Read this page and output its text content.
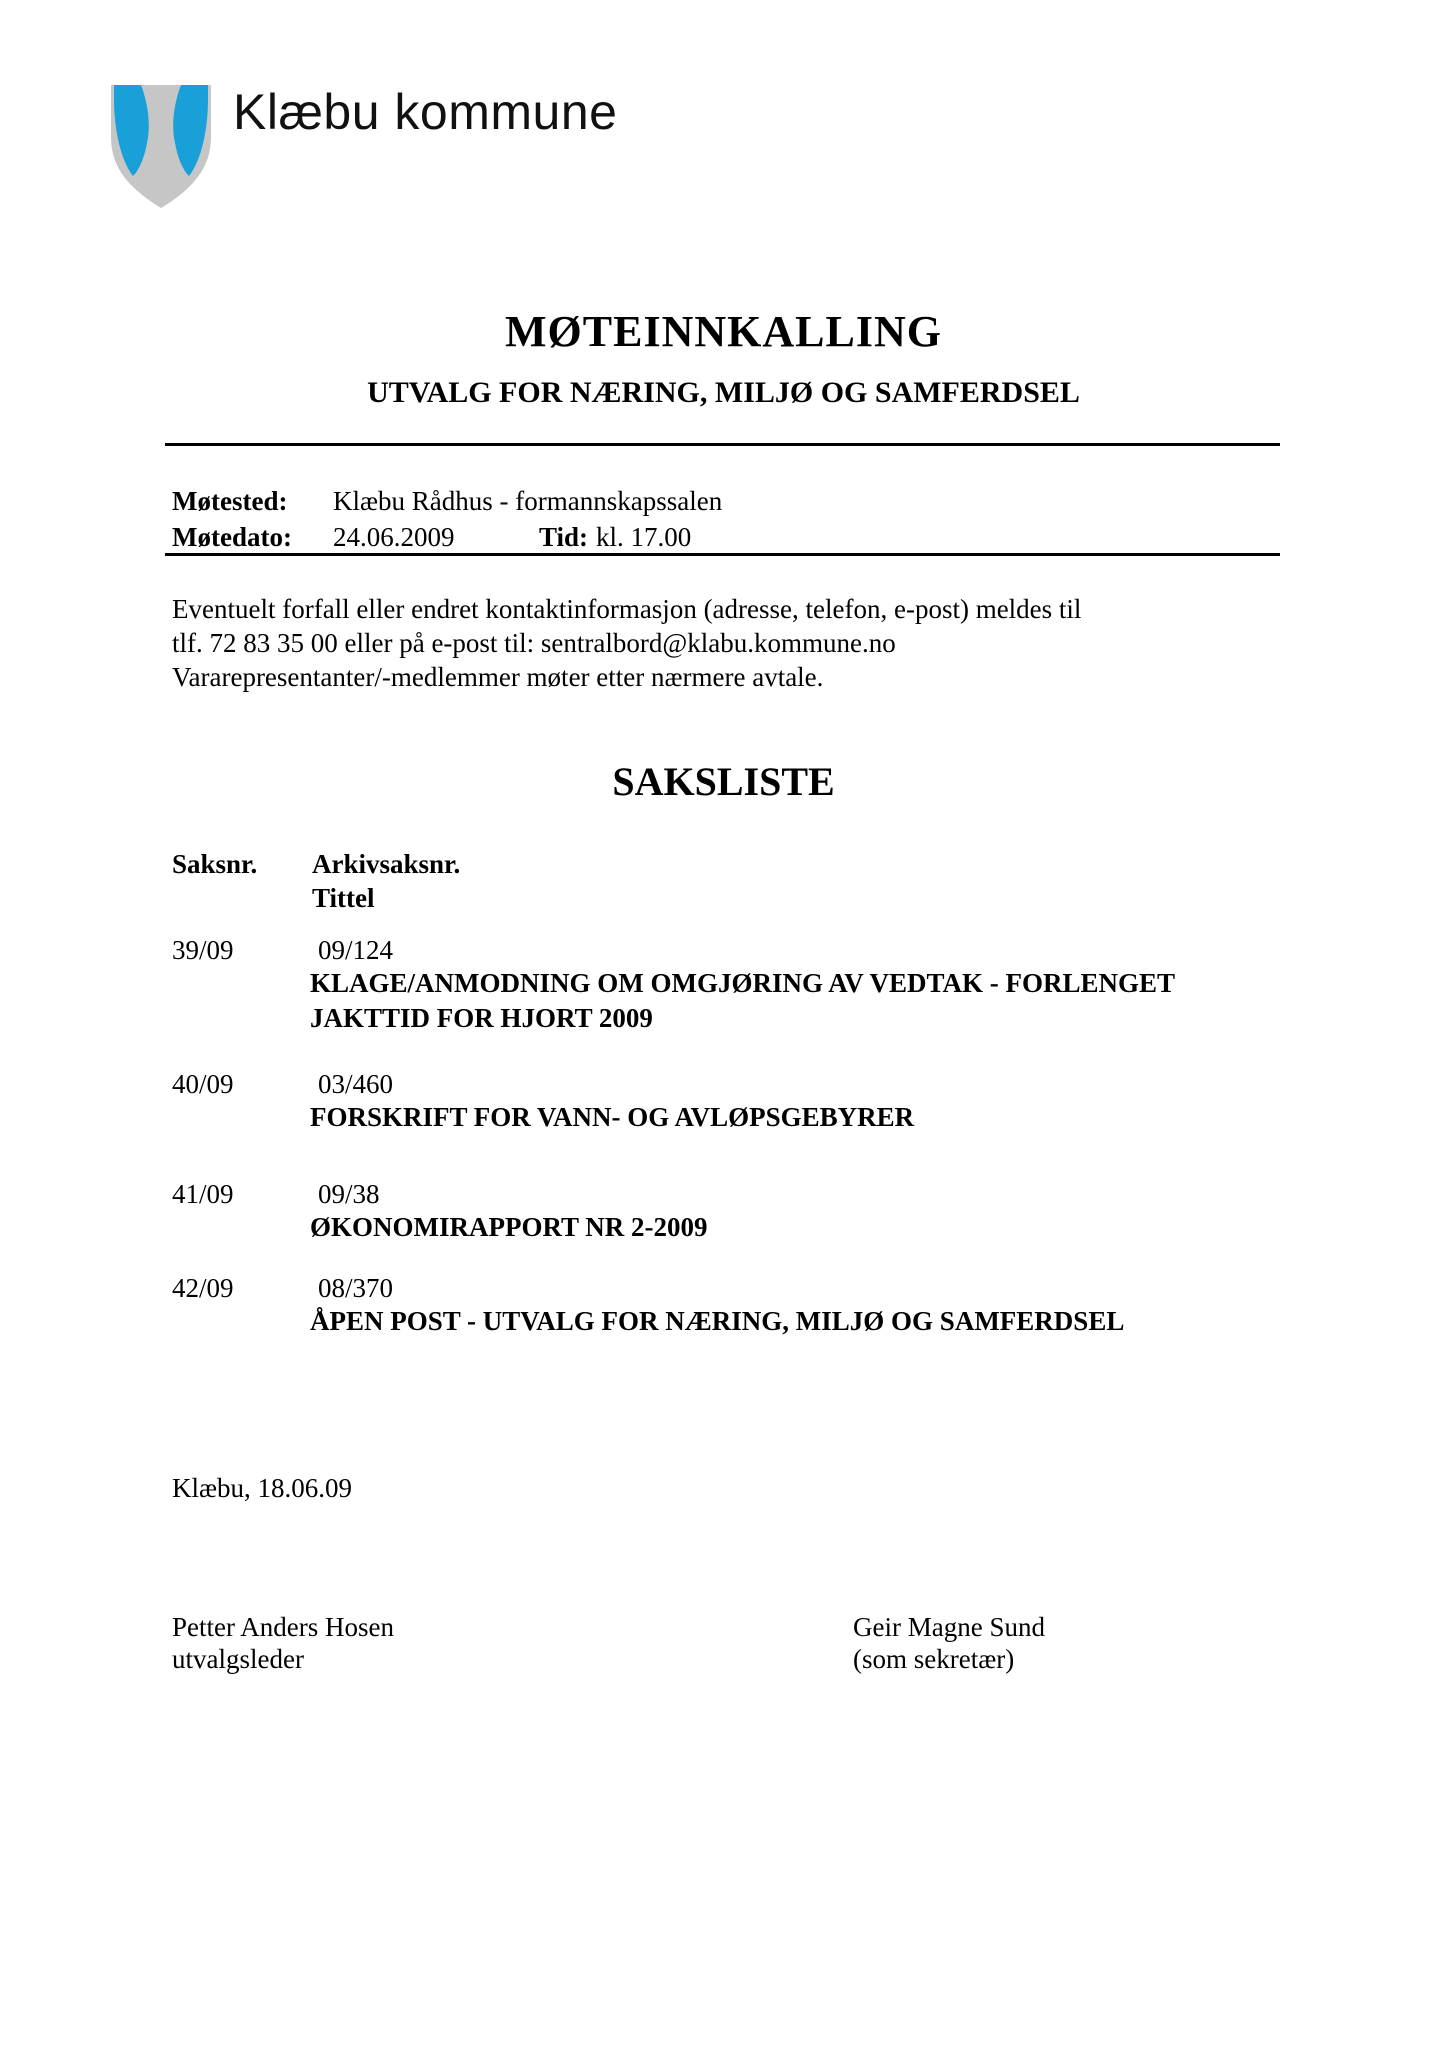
Klæbu kommune
MØTEINNKALLING
UTVALG FOR NÆRING, MILJØ OG SAMFERDSEL
Møtested: Klæbu Rådhus - formannskapssalen
Møtedato: 24.06.2009	Tid: kl. 17.00
Eventuelt forfall eller endret kontaktinformasjon (adresse, telefon, e-post) meldes til
tlf. 72 83 35 00 eller på e-post til: sentralbord@klabu.kommune.no
Vararepresentanter/-medlemmer møter etter nærmere avtale.
SAKSLISTE
Saksnr. Arkivsaksnr.
Tittel
39/09	09/124
KLAGE/ANMODNING OM OMGJØRING AV VEDTAK - FORLENGET JAKTTID FOR HJORT 2009
40/09	03/460
FORSKRIFT FOR VANN- OG AVLØPSGEBYRER
41/09	09/38
ØKONOMIRAPPORT NR 2-2009
42/09	08/370
ÅPEN POST - UTVALG FOR NÆRING, MILJØ OG SAMFERDSEL
Klæbu, 18.06.09
Petter Anders Hosen
utvalgsleder
Geir Magne Sund
(som sekretær)
